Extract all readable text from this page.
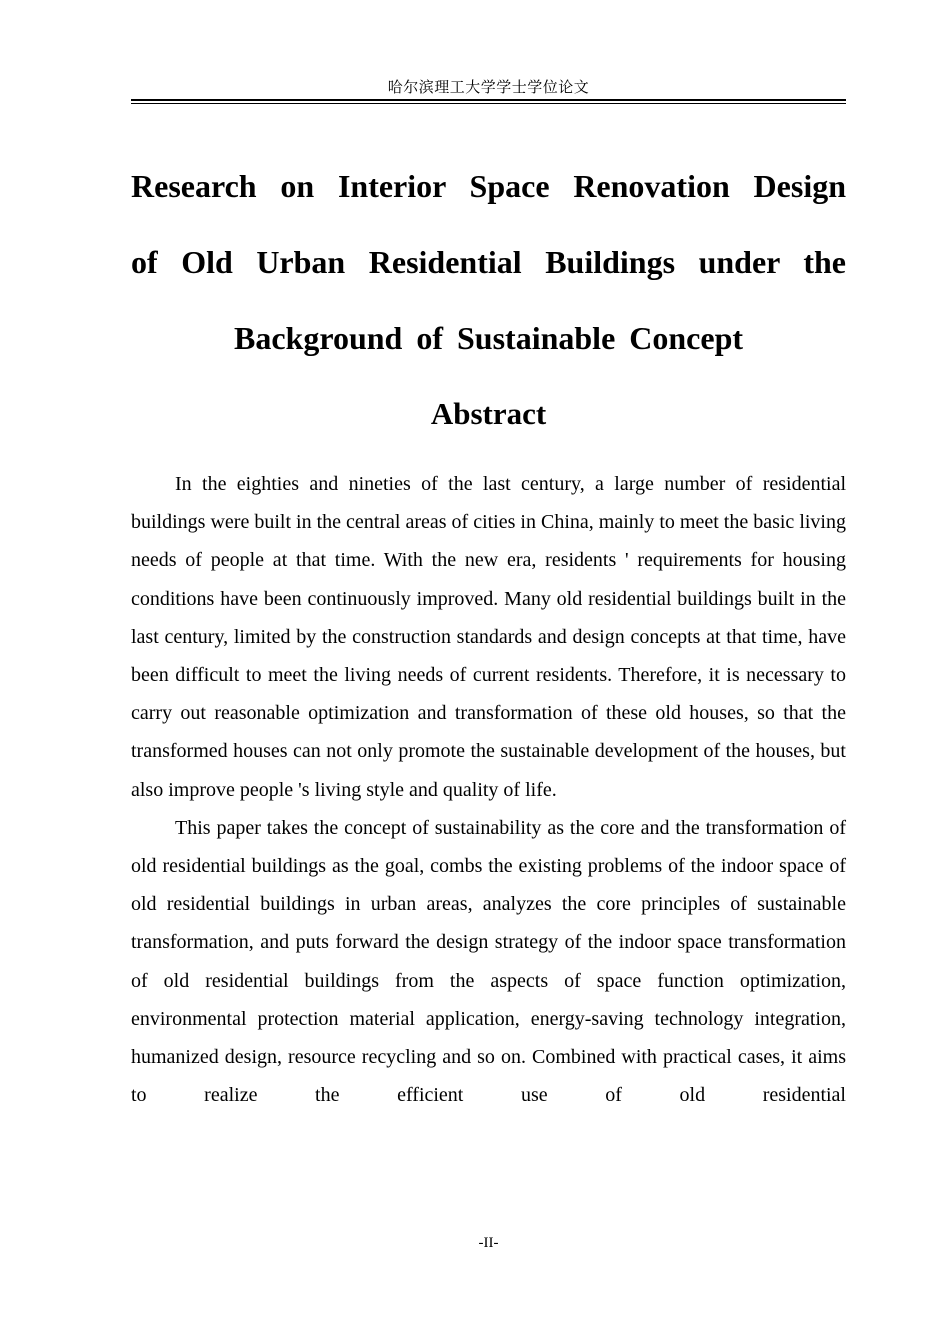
哈尔滨理工大学学士学位论文
Research on Interior Space Renovation Design
of Old Urban Residential Buildings under the
Background of Sustainable Concept
Abstract

In the eighties and nineties of the last century, a large number of residential buildings were built in the central areas of cities in China, mainly to meet the basic living needs of people at that time. With the new era, residents ' requirements for housing conditions have been continuously improved. Many old residential buildings built in the last century, limited by the construction standards and design concepts at that time, have been difficult to meet the living needs of current residents. Therefore, it is necessary to carry out reasonable optimization and transformation of these old houses, so that the transformed houses can not only promote the sustainable development of the houses, but also improve people 's living style and quality of life.

This paper takes the concept of sustainability as the core and the transformation of old residential buildings as the goal, combs the existing problems of the indoor space of old residential buildings in urban areas, analyzes the core principles of sustainable transformation, and puts forward the design strategy of the indoor space transformation of old residential buildings from the aspects of space function optimization, environmental protection material application, energy-saving technology integration, humanized design, resource recycling and so on. Combined with practical cases, it aims to realize the efficient use of old residential

-II-
